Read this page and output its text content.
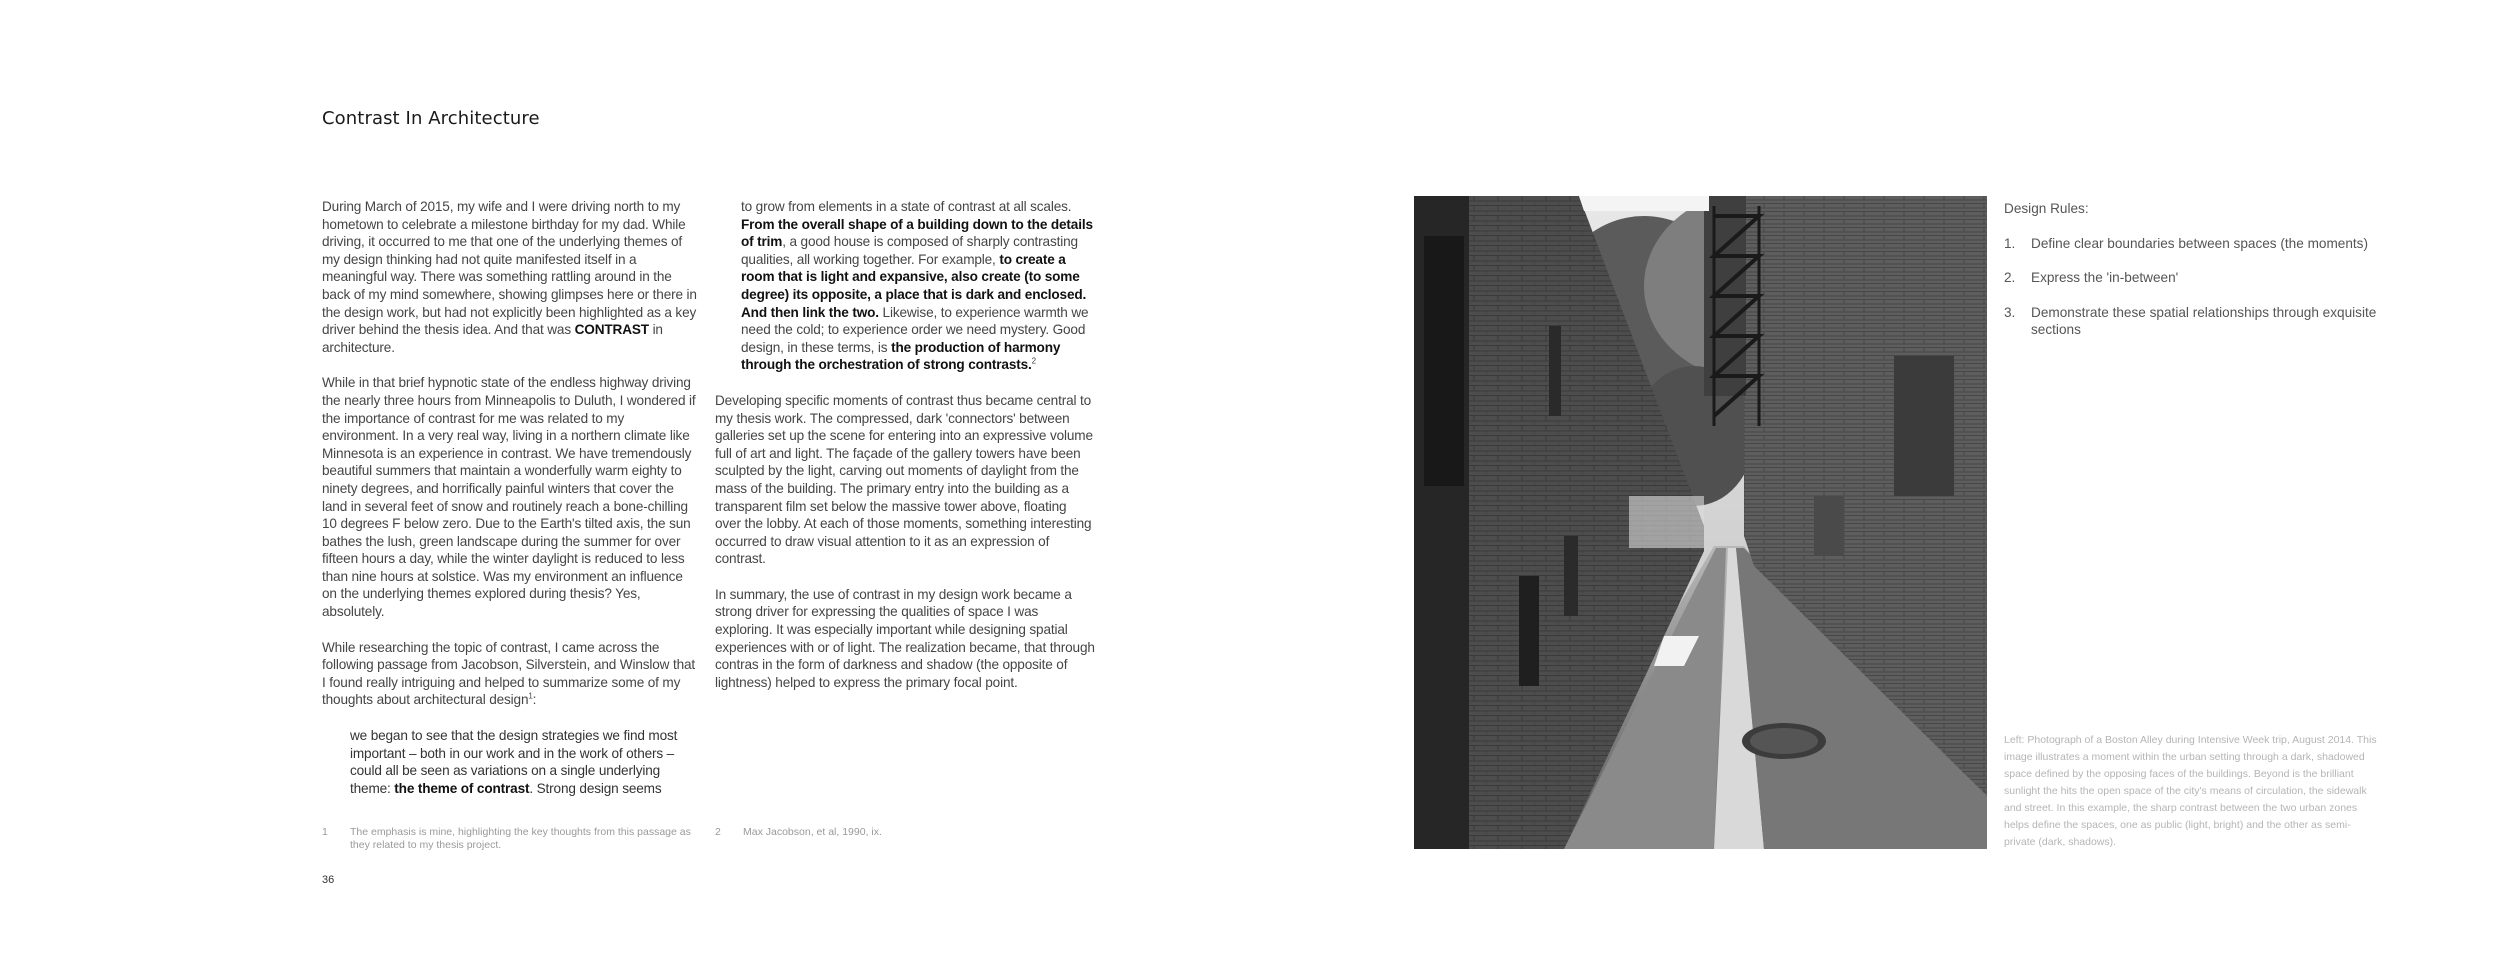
Contrast In Architecture

During March of 2015, my wife and I were driving north to my hometown to celebrate a milestone birthday for my dad. While driving, it occurred to me that one of the underlying themes of my design thinking had not quite manifested itself in a meaningful way. There was something rattling around in the back of my mind somewhere, showing glimpses here or there in the design work, but had not explicitly been highlighted as a key driver behind the thesis idea. And that was CONTRAST in architecture.

While in that brief hypnotic state of the endless highway driving the nearly three hours from Minneapolis to Duluth, I wondered if the importance of contrast for me was related to my environment. In a very real way, living in a northern climate like Minnesota is an experience in contrast. We have tremendously beautiful summers that maintain a wonderfully warm eighty to ninety degrees, and horrifically painful winters that cover the land in several feet of snow and routinely reach a bone-chilling 10 degrees F below zero. Due to the Earth's tilted axis, the sun bathes the lush, green landscape during the summer for over fifteen hours a day, while the winter daylight is reduced to less than nine hours at solstice. Was my environment an influence on the underlying themes explored during thesis? Yes, absolutely.

While researching the topic of contrast, I came across the following passage from Jacobson, Silverstein, and Winslow that I found really intriguing and helped to summarize some of my thoughts about architectural design$^1$:

we began to see that the design strategies we find most important – both in our work and in the work of others – could all be seen as variations on a single underlying theme: the theme of contrast. Strong design seems

to grow from elements in a state of contrast at all scales. From the overall shape of a building down to the details of trim, a good house is composed of sharply contrasting qualities, all working together. For example, to create a room that is light and expansive, also create (to some degree) its opposite, a place that is dark and enclosed. And then link the two. Likewise, to experience warmth we need the cold; to experience order we need mystery. Good design, in these terms, is the production of harmony through the orchestration of strong contrasts.$^2$

Developing specific moments of contrast thus became central to my thesis work. The compressed, dark 'connectors' between galleries set up the scene for entering into an expressive volume full of art and light. The façade of the gallery towers have been sculpted by the light, carving out moments of daylight from the mass of the building. The primary entry into the building as a transparent film set below the massive tower above, floating over the lobby. At each of those moments, something interesting occurred to draw visual attention to it as an expression of contrast.

In summary, the use of contrast in my design work became a strong driver for expressing the qualities of space I was exploring. It was especially important while designing spatial experiences with or of light. The realization became, that through contras in the form of darkness and shadow (the opposite of lightness) helped to express the primary focal point.

1 The emphasis is mine, highlighting the key thoughts from this passage as they related to my thesis project.
2 Max Jacobson, et al, 1990, ix.
36
Design Rules:
1. Define clear boundaries between spaces (the moments)
2. Express the 'in-between'
3. Demonstrate these spatial relationships through exquisite sections
Left: Photograph of a Boston Alley during Intensive Week trip, August 2014. This image illustrates a moment within the urban setting through a dark, shadowed space defined by the opposing faces of the buildings. Beyond is the brilliant sunlight the hits the open space of the city's means of circulation, the sidewalk and street. In this example, the sharp contrast between the two urban zones helps define the spaces, one as public (light, bright) and the other as semi-private (dark, shadows).
